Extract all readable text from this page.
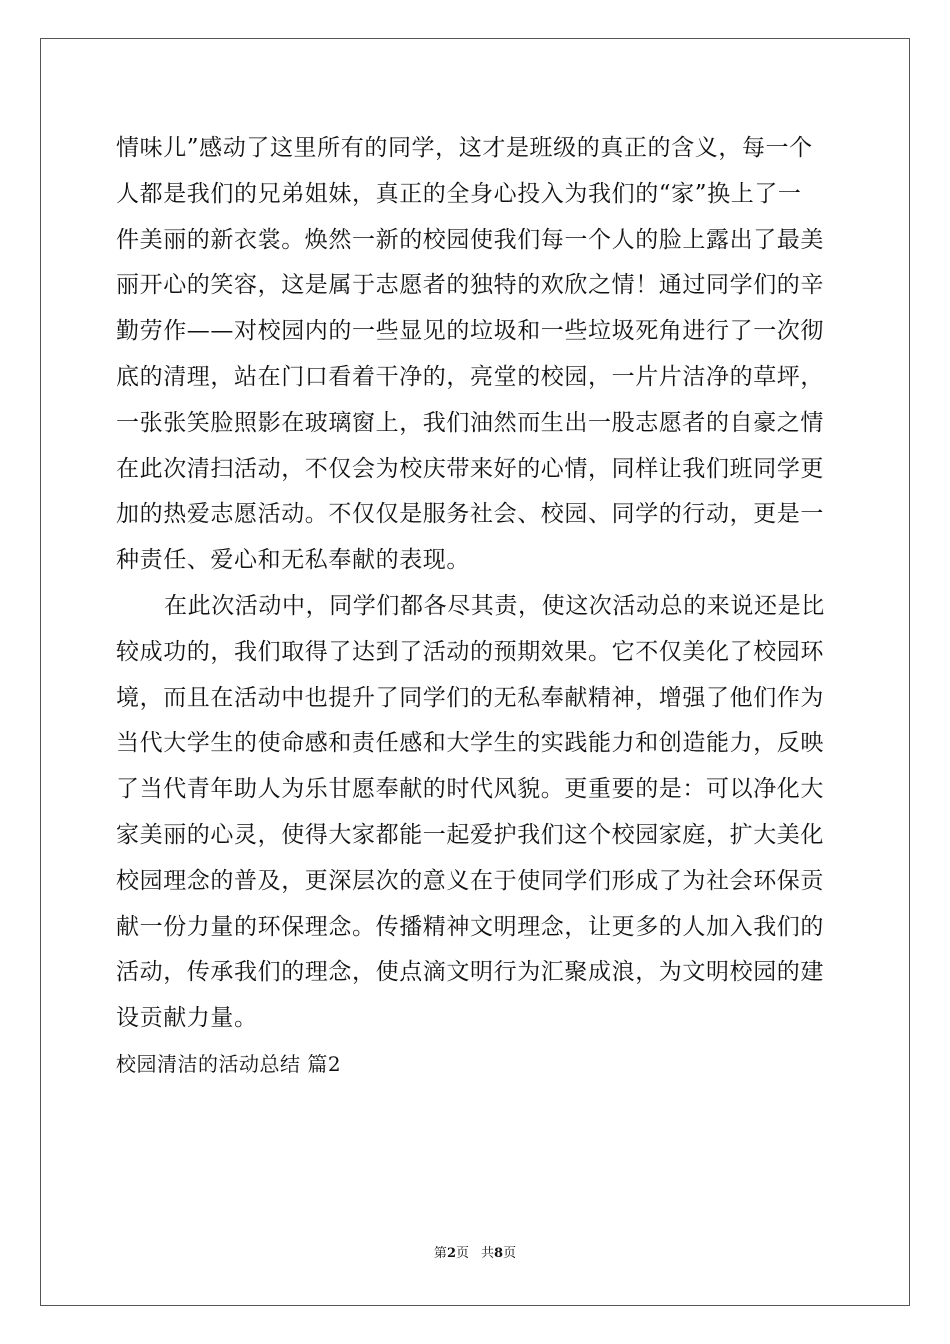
情味儿”感动了这里所有的同学，这才是班级的真正的含义，每一个
人都是我们的兄弟姐妹，真正的全身心投入为我们的“家”换上了一
件美丽的新衣裳。焕然一新的校园使我们每一个人的脸上露出了最美
丽开心的笑容，这是属于志愿者的独特的欢欣之情！通过同学们的辛
勤劳作——对校园内的一些显见的垃圾和一些垃圾死角进行了一次彻
底的清理，站在门口看着干净的，亮堂的校园，一片片洁净的草坪，
一张张笑脸照影在玻璃窗上，我们油然而生出一股志愿者的自豪之情
在此次清扫活动，不仅会为校庆带来好的心情，同样让我们班同学更
加的热爱志愿活动。不仅仅是服务社会、校园、同学的行动，更是一
种责任、爱心和无私奉献的表现。
在此次活动中，同学们都各尽其责，使这次活动总的来说还是比
较成功的，我们取得了达到了活动的预期效果。它不仅美化了校园环
境，而且在活动中也提升了同学们的无私奉献精神，增强了他们作为
当代大学生的使命感和责任感和大学生的实践能力和创造能力，反映
了当代青年助人为乐甘愿奉献的时代风貌。更重要的是：可以净化大
家美丽的心灵，使得大家都能一起爱护我们这个校园家庭，扩大美化
校园理念的普及，更深层次的意义在于使同学们形成了为社会环保贡
献一份力量的环保理念。传播精神文明理念，让更多的人加入我们的
活动，传承我们的理念，使点滴文明行为汇聚成浪，为文明校园的建
设贡献力量。
校园清洁的活动总结 篇2
第2页 共8页
